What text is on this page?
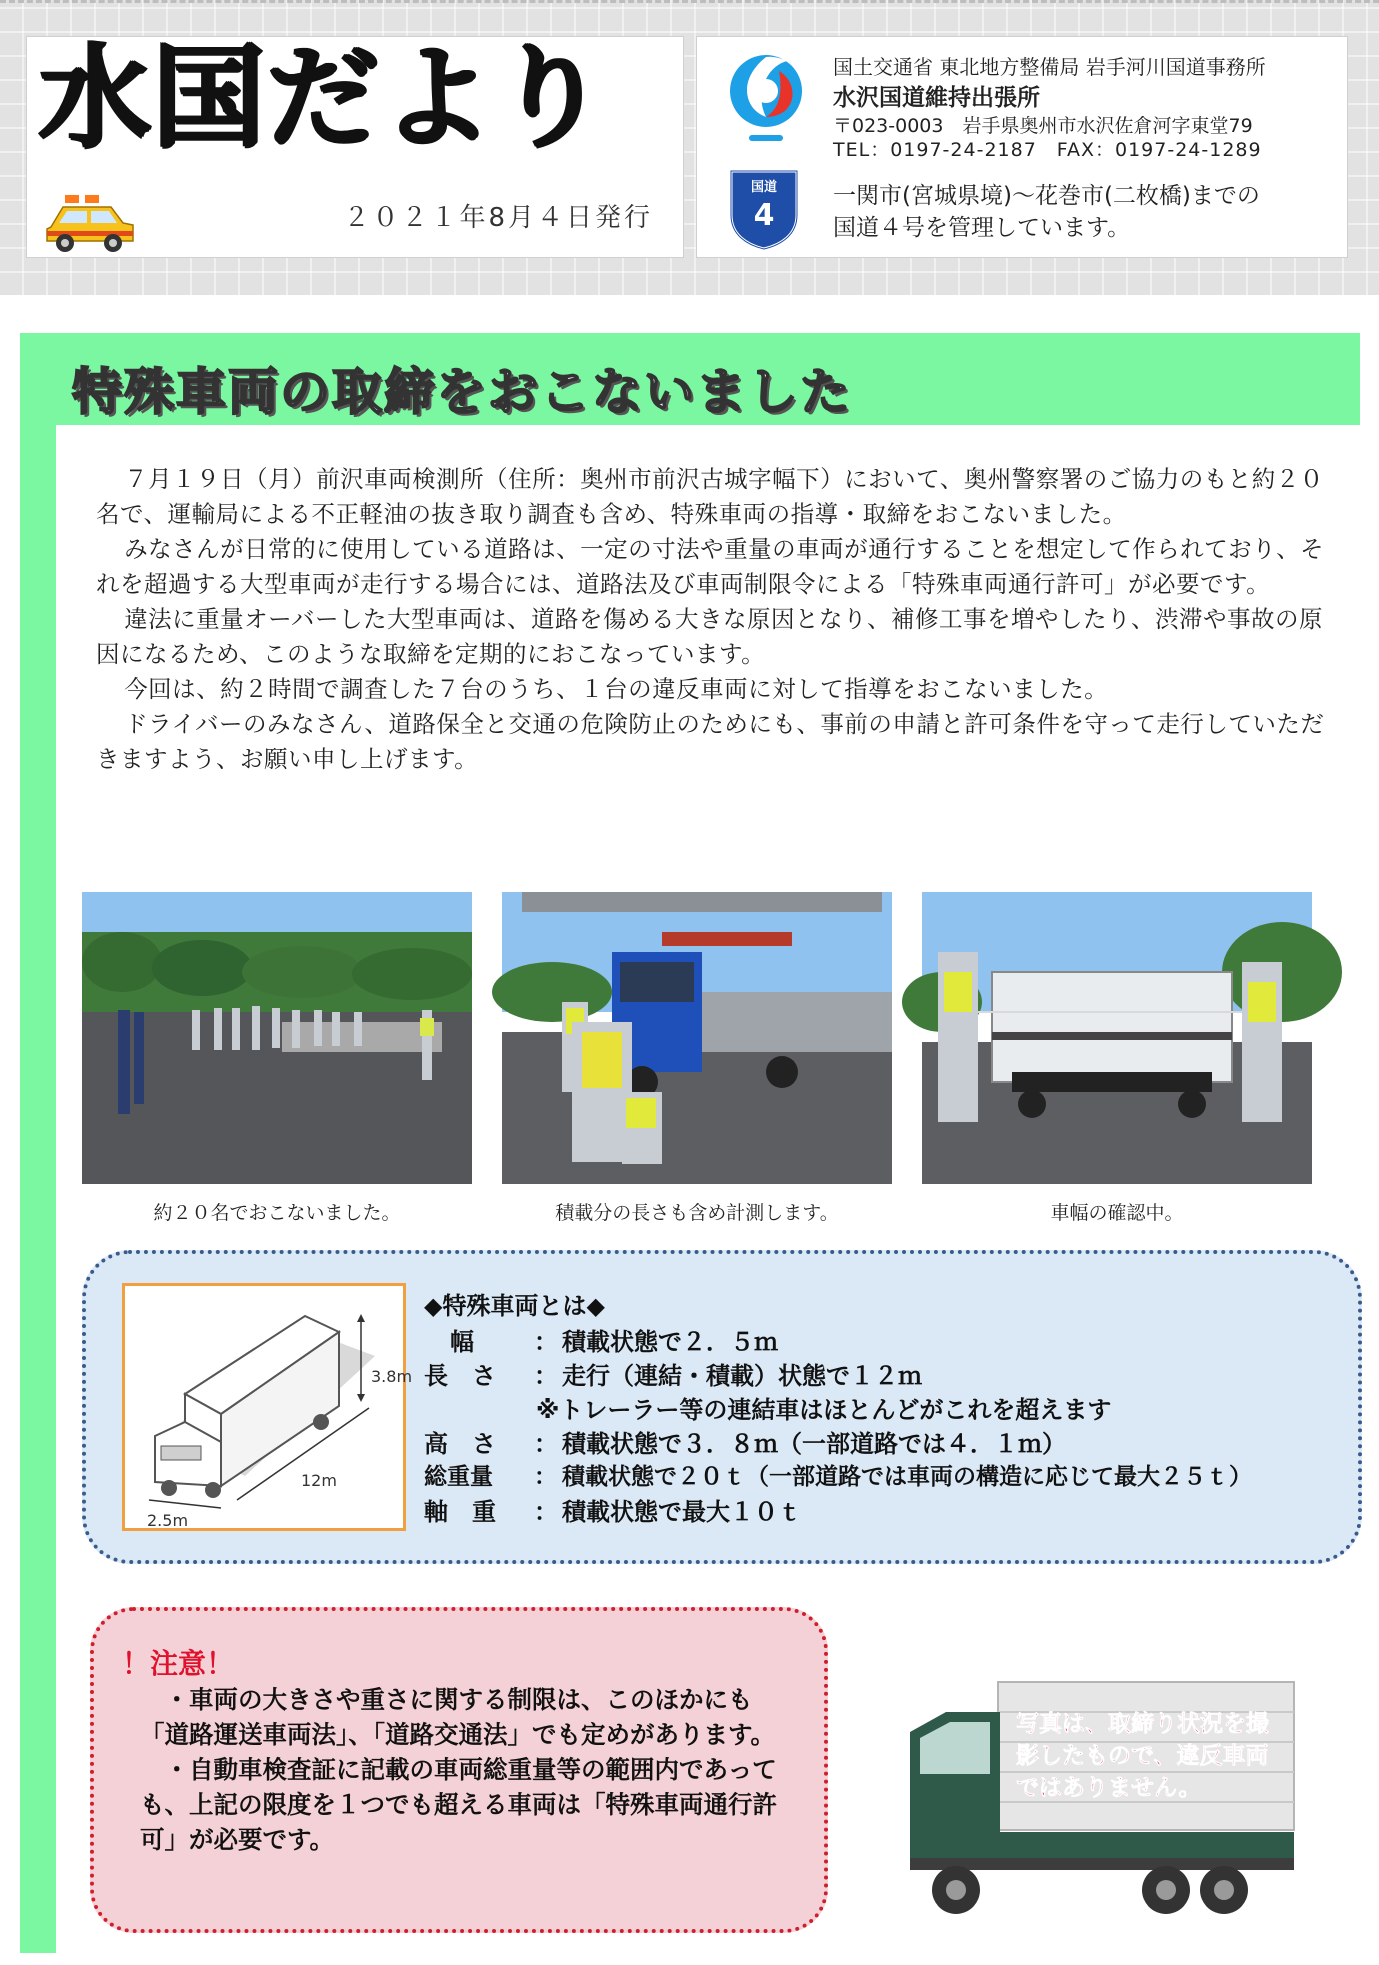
水国だより
２０２１年8月４日発行
国道
4
国土交通省 東北地方整備局 岩手河川国道事務所
水沢国道維持出張所
〒023-0003　岩手県奥州市水沢佐倉河字東堂79
TEL：0197-24-2187　FAX：0197-24-1289
一関市(宮城県境)～花巻市(二枚橋)までの
国道４号を管理しています。
特殊車両の取締をおこないました

７月１９日（月）前沢車両検測所（住所：奥州市前沢古城字幅下）において、奥州警察署のご協力のもと約２０名で、運輸局による不正軽油の抜き取り調査も含め、特殊車両の指導・取締をおこないました。

みなさんが日常的に使用している道路は、一定の寸法や重量の車両が通行することを想定して作られており、それを超過する大型車両が走行する場合には、道路法及び車両制限令による「特殊車両通行許可」が必要です。

違法に重量オーバーした大型車両は、道路を傷める大きな原因となり、補修工事を増やしたり、渋滞や事故の原因になるため、このような取締を定期的におこなっています。

今回は、約２時間で調査した７台のうち、１台の違反車両に対して指導をおこないました。

ドライバーのみなさん、道路保全と交通の危険防止のためにも、事前の申請と許可条件を守って走行していただきますよう、お願い申し上げます。

約２０名でおこないました。	積載分の長さも含め計測します。	車幅の確認中。
3.8m
12m
2.5m
◆特殊車両とは◆
幅	： 積載状態で２．５ｍ
長　さ ： 走行（連結・積載）状態で１２ｍ
※トレーラー等の連結車はほとんどがこれを超えます
高　さ ： 積載状態で３．８ｍ（一部道路では４．１ｍ）
総重量 ： 積載状態で２０ｔ（一部道路では車両の構造に応じて最大２５ｔ）
軸　重 ： 積載状態で最大１０ｔ
！注意！

・車両の大きさや重さに関する制限は、このほかにも「道路運送車両法」、「道路交通法」でも定めがあります。

・自動車検査証に記載の車両総重量等の範囲内であっても、上記の限度を１つでも超える車両は「特殊車両通行許可」が必要です。

写真は、取締り状況を撮影したもので、違反車両ではありません。
